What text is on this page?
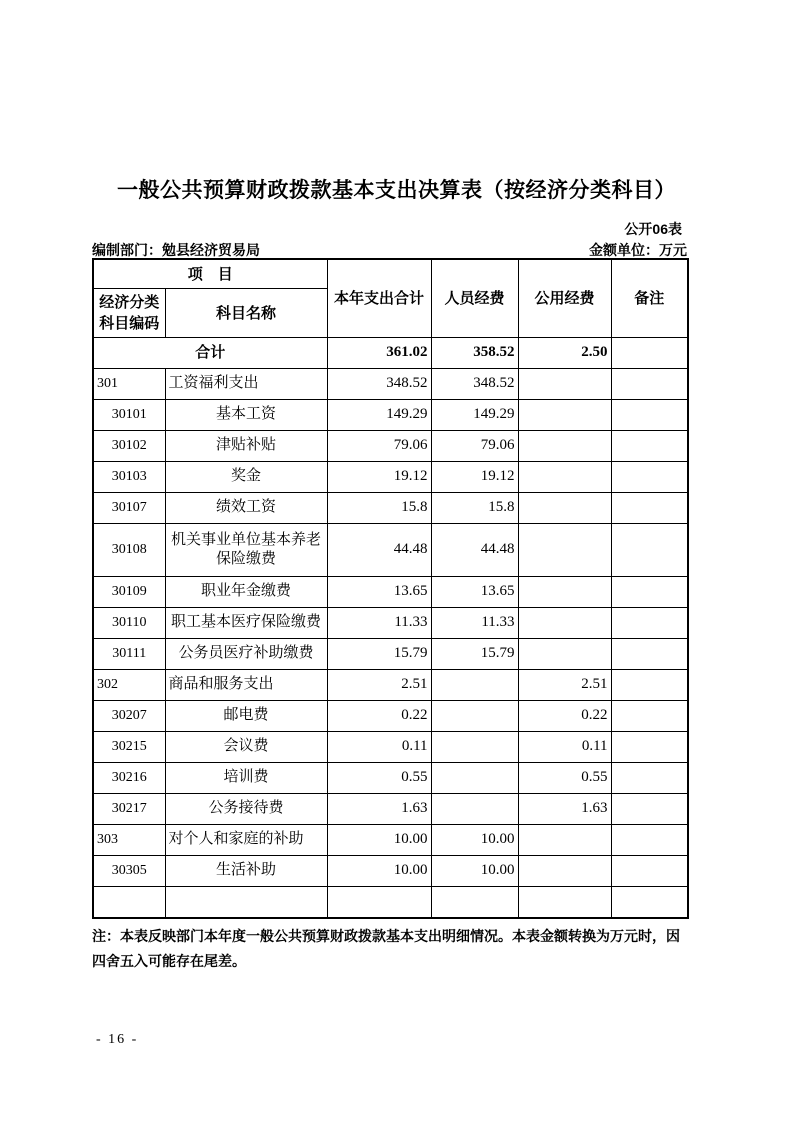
一般公共预算财政拨款基本支出决算表（按经济分类科目）
公开06表
编制部门：勉县经济贸易局	金额单位：万元
项　目		本年支出合计	人员经费	公用经费	备注
经济分类科目编码	科目名称				
合计		361.02	358.52	2.50	
301	工资福利支出	348.52	348.52		
30101	基本工资	149.29	149.29		
30102	津贴补贴	79.06	79.06		
30103	奖金	19.12	19.12		
30107	绩效工资	15.8	15.8		
30108	机关事业单位基本养老保险缴费	44.48	44.48		
30109	职业年金缴费	13.65	13.65		
30110	职工基本医疗保险缴费	11.33	11.33		
30111	公务员医疗补助缴费	15.79	15.79		
302	商品和服务支出	2.51		2.51	
30207	邮电费	0.22		0.22	
30215	会议费	0.11		0.11	
30216	培训费	0.55		0.55	
30217	公务接待费	1.63		1.63	
303	对个人和家庭的补助	10.00	10.00		
30305	生活补助	10.00	10.00		

注：本表反映部门本年度一般公共预算财政拨款基本支出明细情况。本表金额转换为万元时，因四舍五入可能存在尾差。
- 16 -
